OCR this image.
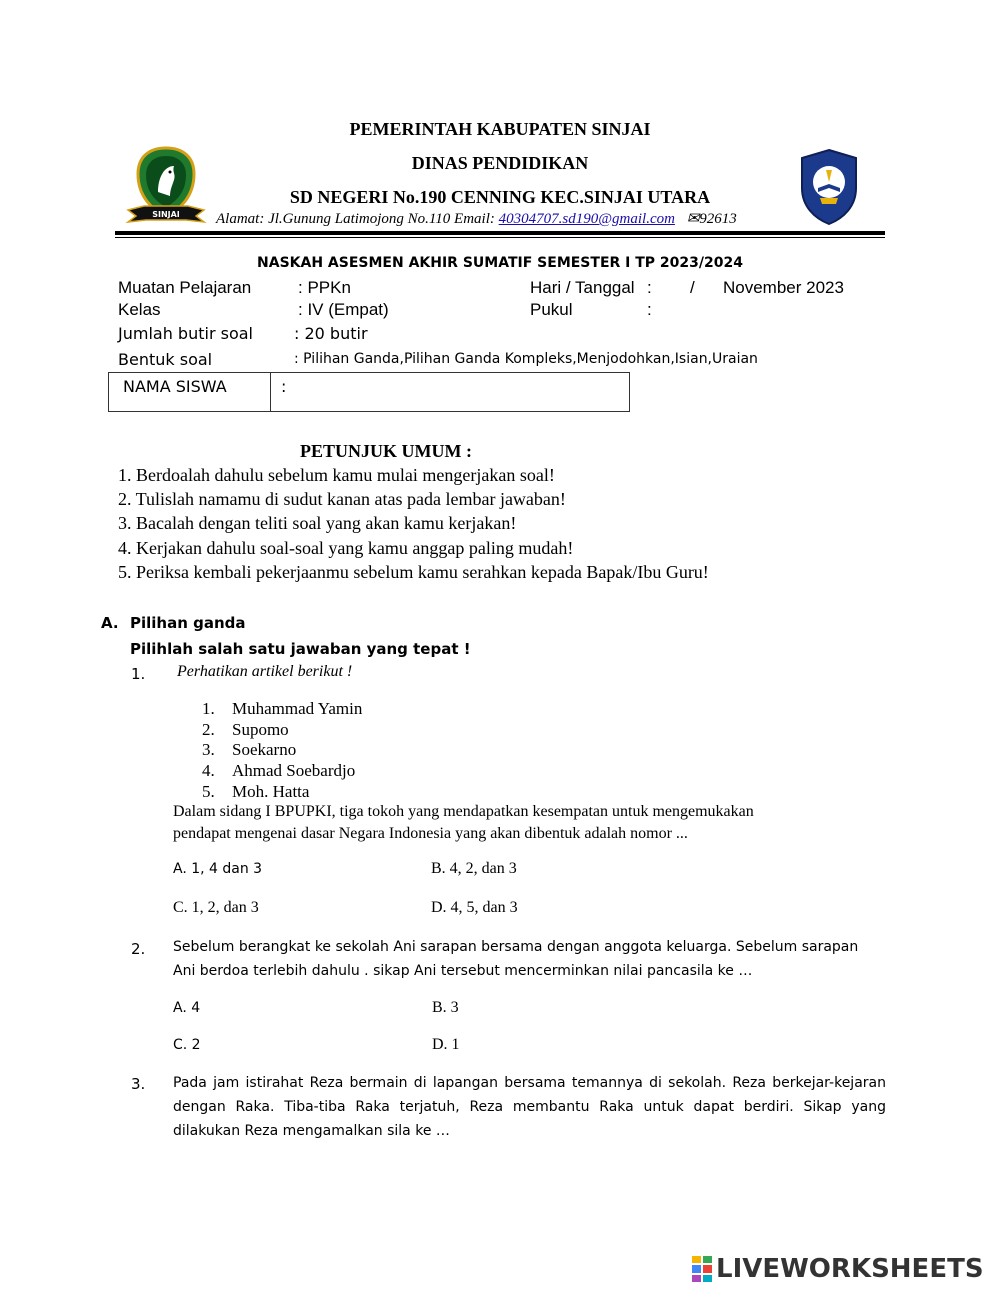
PEMERINTAH KABUPATEN SINJAI
DINAS PENDIDIKAN
SD NEGERI No.190 CENNING KEC.SINJAI UTARA
Alamat: Jl.Gunung Latimojong No.110 Email: 40304707.sd190@gmail.com ✉92613
SINJAI
NASKAH ASESMEN AKHIR SUMATIF SEMESTER I TP 2023/2024
Muatan Pelajaran	: PPKn	Hari / Tanggal : / November 2023
Kelas	: IV (Empat)	Pukul	:
Jumlah butir soal	: 20 butir
Bentuk soal	: Pilihan Ganda,Pilihan Ganda Kompleks,Menjodohkan,Isian,Uraian
NAMA SISWA	:
PETUNJUK UMUM :
1. Berdoalah dahulu sebelum kamu mulai mengerjakan soal!
2. Tulislah namamu di sudut kanan atas pada lembar jawaban!
3. Bacalah dengan teliti soal yang akan kamu kerjakan!
4. Kerjakan dahulu soal-soal yang kamu anggap paling mudah!
5. Periksa kembali pekerjaanmu sebelum kamu serahkan kepada Bapak/Ibu Guru!
A. Pilihan ganda
Pilihlah salah satu jawaban yang tepat !
1. Perhatikan artikel berikut !
1. Muhammad Yamin
2. Supomo
3. Soekarno
4. Ahmad Soebardjo
5. Moh. Hatta
Dalam sidang I BPUPKI, tiga tokoh yang mendapatkan kesempatan untuk mengemukakan
pendapat mengenai dasar Negara Indonesia yang akan dibentuk adalah nomor ...
A. 1, 4 dan 3	B. 4, 2, dan 3
C. 1, 2, dan 3	D. 4, 5, dan 3
2. Sebelum berangkat ke sekolah Ani sarapan bersama dengan anggota keluarga. Sebelum sarapan
Ani berdoa terlebih dahulu . sikap Ani tersebut mencerminkan nilai pancasila ke …
A. 4	B. 3
C. 2	D. 1
3. Pada jam istirahat Reza bermain di lapangan bersama temannya di sekolah. Reza berkejar-kejaran dengan Raka. Tiba-tiba Raka terjatuh, Reza membantu Raka untuk dapat berdiri. Sikap yang dilakukan Reza mengamalkan sila ke …
LIVEWORKSHEETS
